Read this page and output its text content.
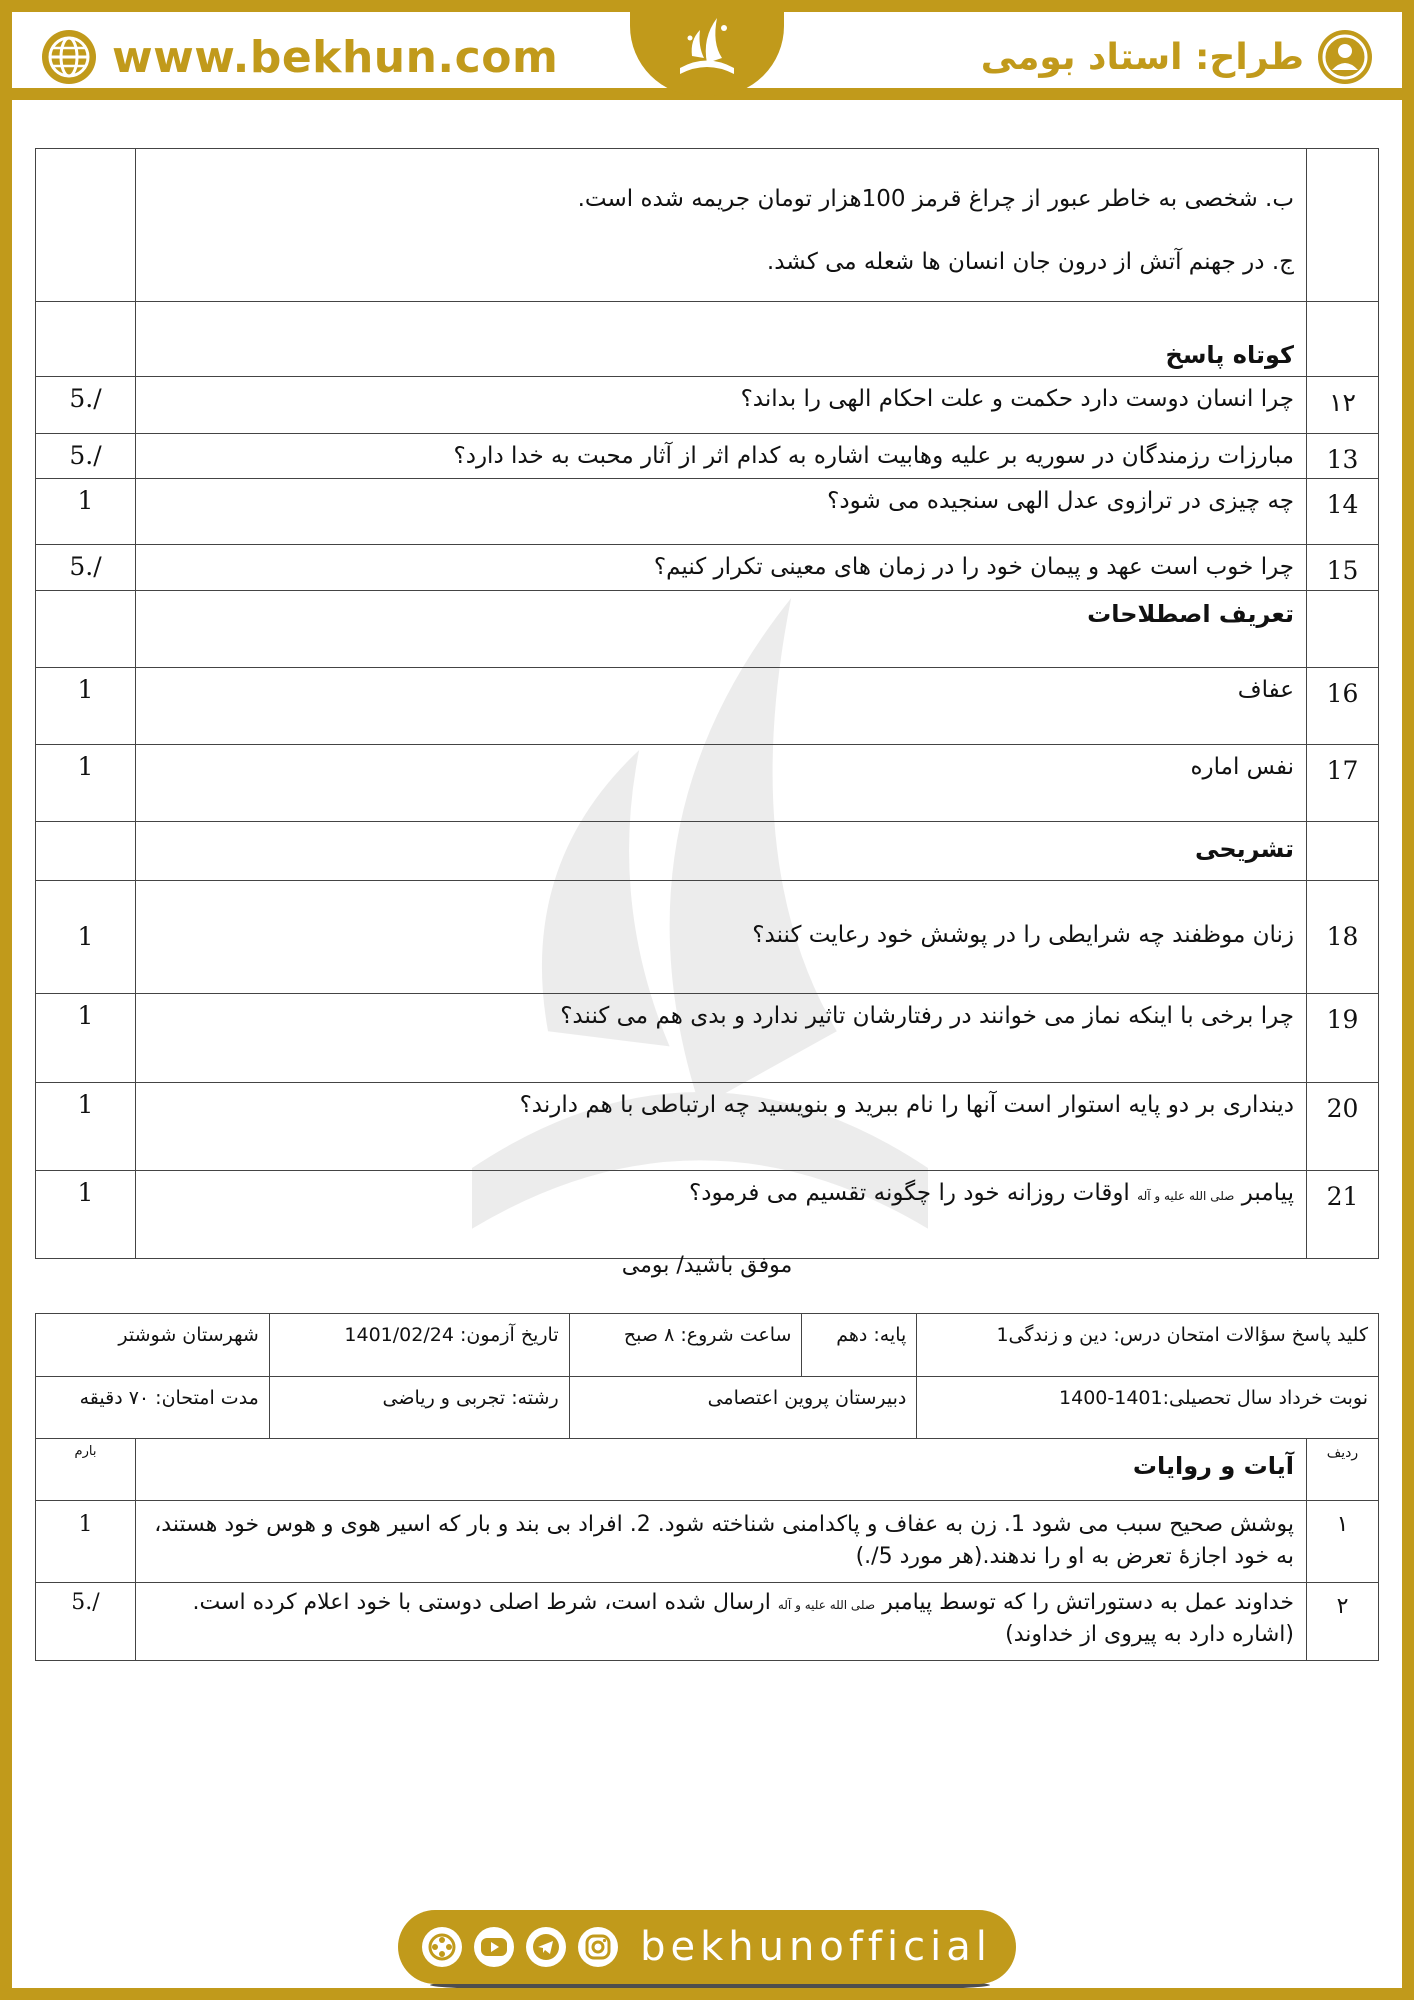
www.bekhun.com	طراح: استاد بومی

	ب. شخصی به خاطر عبور از چراغ قرمز 100هزار تومان جریمه شده است.
ج. در جهنم آتش از درون جان انسان ها شعله می کشد.	

	کوتاه پاسخ	
۱۲	چرا انسان دوست دارد حکمت و علت احکام الهی را بداند؟	/.5
13	مبارزات رزمندگان در سوریه بر علیه وهابیت اشاره به کدام اثر از آثار محبت به خدا دارد؟	/.5
14	چه چیزی در ترازوی عدل الهی سنجیده می شود؟	1
15	چرا خوب است عهد و پیمان خود را در زمان های معینی تکرار کنیم؟	/.5
	تعریف اصطلاحات	
16	عفاف	1
17	نفس اماره	1
	تشریحی	
18	زنان موظفند چه شرایطی را در پوشش خود رعایت کنند؟	1
19	چرا برخی با اینکه نماز می خوانند در رفتارشان تاثیر ندارد و بدی هم می کنند؟	1
20	دینداری بر دو پایه استوار است آنها را نام ببرید و بنویسید چه ارتباطی با هم دارند؟	1
21	پیامبر صلی الله علیه و آله اوقات روزانه خود را چگونه تقسیم می فرمود؟	1
موفق باشید/ بومی
کلید پاسخ سؤالات امتحان درس: دین و زندگی1	پایه: دهم	ساعت شروع: ۸ صبح	تاریخ آزمون: 1401/02/24	شهرستان شوشتر
نوبت خرداد سال تحصیلی:1401-1400	دبیرستان پروین اعتصامی		رشته: تجربی و ریاضی	مدت امتحان: ۷۰ دقیقه
ردیف	آیات و روایات	بارم
۱	پوشش صحیح سبب می شود 1. زن به عفاف و پاکدامنی شناخته شود. 2. افراد بی بند و بار که اسیر هوی و هوس خود هستند، به خود اجازۀ تعرض به او را ندهند.(هر مورد 5/.)	1
۲	خداوند عمل به دستوراتش را که توسط پیامبر صلی الله علیه و آله ارسال شده است، شرط اصلی دوستی با خود اعلام کرده است.(اشاره دارد به پیروی از خداوند)	/.5
bekhunofficial
